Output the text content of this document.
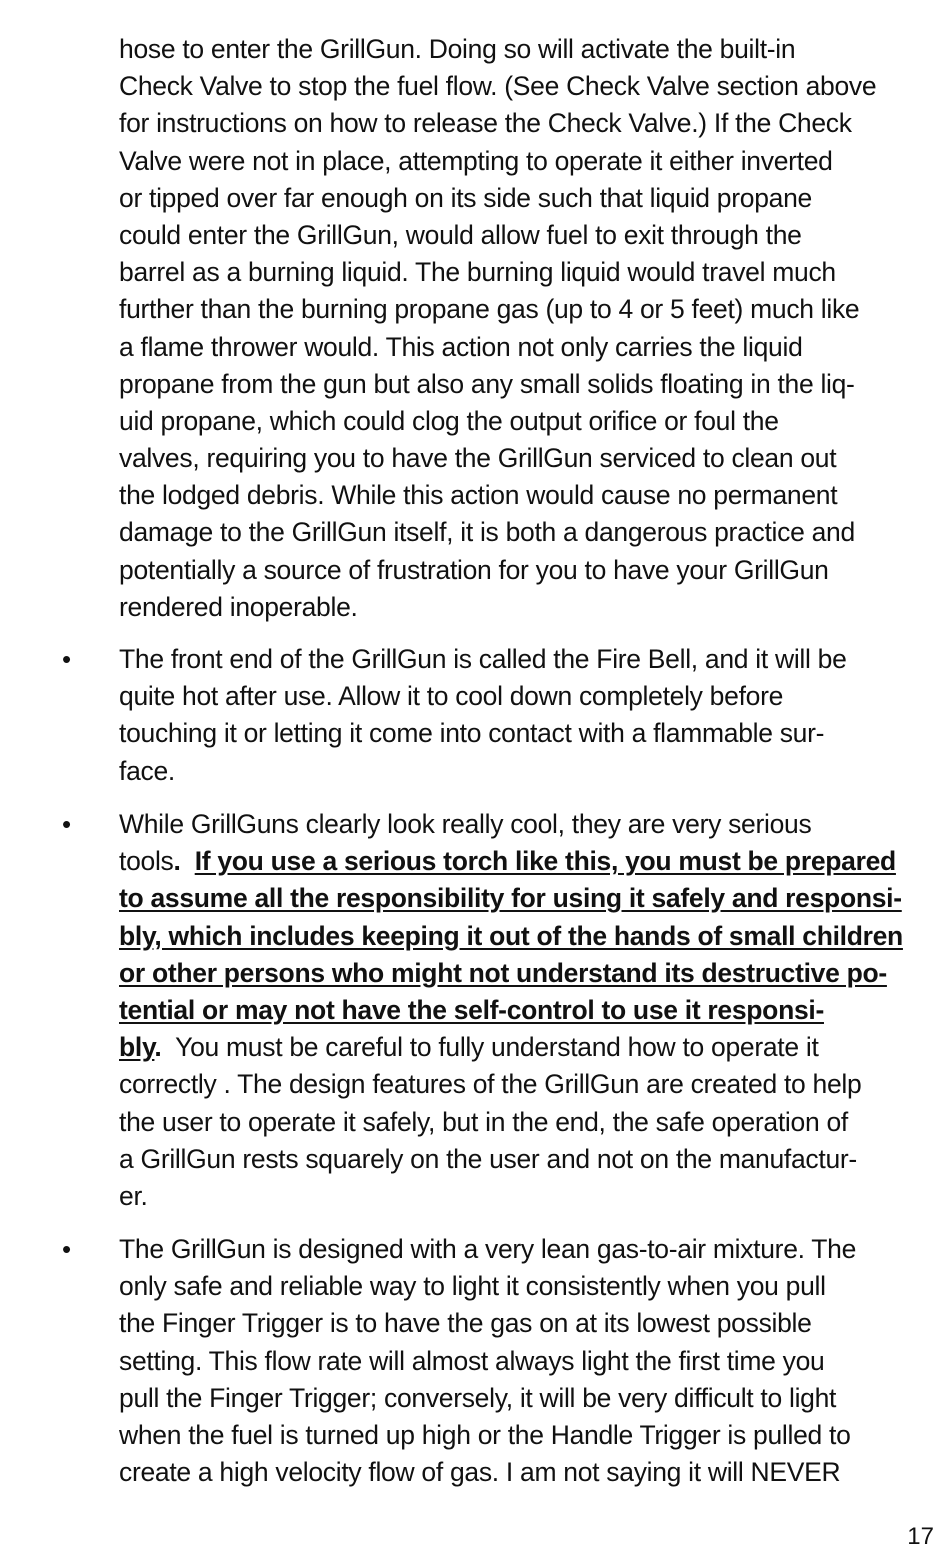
hose to enter the GrillGun. Doing so will activate the built-in
Check Valve to stop the fuel flow. (See Check Valve section above
for instructions on how to release the Check Valve.) If the Check
Valve were not in place, attempting to operate it either inverted
or tipped over far enough on its side such that liquid propane
could enter the GrillGun, would allow fuel to exit through the
barrel as a burning liquid. The burning liquid would travel much
further than the burning propane gas (up to 4 or 5 feet) much like
a flame thrower would. This action not only carries the liquid
propane from the gun but also any small solids floating in the liq-
uid propane, which could clog the output orifice or foul the
valves, requiring you to have the GrillGun serviced to clean out
the lodged debris. While this action would cause no permanent
damage to the GrillGun itself, it is both a dangerous practice and
potentially a source of frustration for you to have your GrillGun
rendered inoperable.
• The front end of the GrillGun is called the Fire Bell, and it will be
quite hot after use. Allow it to cool down completely before
touching it or letting it come into contact with a flammable sur-
face.
• While GrillGuns clearly look really cool, they are very serious
tools. If you use a serious torch like this, you must be prepared
to assume all the responsibility for using it safely and responsi-
bly, which includes keeping it out of the hands of small children
or other persons who might not understand its destructive po-
tential or may not have the self-control to use it responsi-
bly.  You must be careful to fully understand how to operate it
correctly . The design features of the GrillGun are created to help
the user to operate it safely, but in the end, the safe operation of
a GrillGun rests squarely on the user and not on the manufactur-
er.
• The GrillGun is designed with a very lean gas-to-air mixture. The
only safe and reliable way to light it consistently when you pull
the Finger Trigger is to have the gas on at its lowest possible
setting. This flow rate will almost always light the first time you
pull the Finger Trigger; conversely, it will be very difficult to light
when the fuel is turned up high or the Handle Trigger is pulled to
create a high velocity flow of gas. I am not saying it will NEVER
17
